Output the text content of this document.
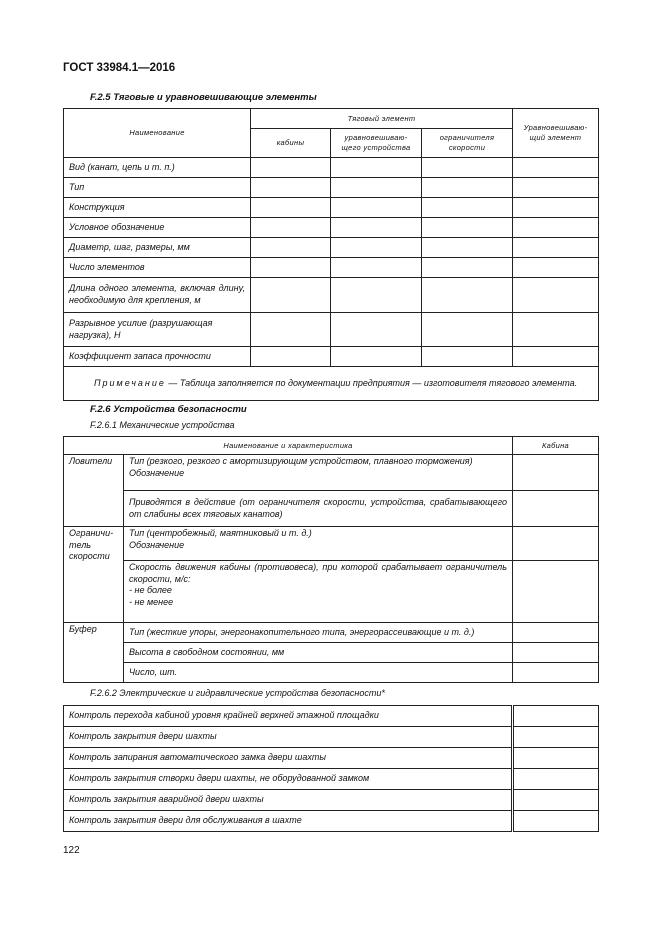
ГОСТ 33984.1—2016
F.2.5 Тяговые и уравновешивающие элементы
Наименование	Тяговый элемент			Уравновешиваю-
щий элемент
	кабины	уравновешиваю-
щего устройства	ограничителя
скорости	
Вид (канат, цепь и т. п.)				
Тип				
Конструкция				
Условное обозначение				
Диаметр, шаг, размеры, мм				
Число элементов				
Длина одного элемента, включая длину, необходимую для крепления, м				
Разрывное усилие (разрушающая нагрузка), Н				
Коэффициент запаса прочности				
Примечание — Таблица заполняется по документации предприятия — изготовителя тягового элемента.				
F.2.6 Устройства безопасности
F.2.6.1 Механические устройства
Наименование и характеристика		Кабина
Ловители	Тип (резкого, резкого с амортизирующим устройством, плавного торможения)
Обозначение	
	Приводятся в действие (от ограничителя скорости, устройства, срабатывающего от слабины всех тяговых канатов)	
Ограничи-
тель
скорости	Тип (центробежный, маятниковый и т. д.)
Обозначение	
	Скорость движения кабины (противовеса), при которой срабатывает ограничитель скорости, м/с:
- не более
- не менее	
Буфер	Тип (жесткие упоры, энергонакопительного типа, энергорассеивающие и т. д.)	
	Высота в свободном состоянии, мм	
	Число, шт.	
F.2.6.2 Электрические и гидравлические устройства безопасности*
Контроль перехода кабиной уровня крайней верхней этажной площадки	
Контроль закрытия двери шахты	
Контроль запирания автоматического замка двери шахты	
Контроль закрытия створки двери шахты, не оборудованной замком	
Контроль закрытия аварийной двери шахты	
Контроль закрытия двери для обслуживания в шахте	
122
